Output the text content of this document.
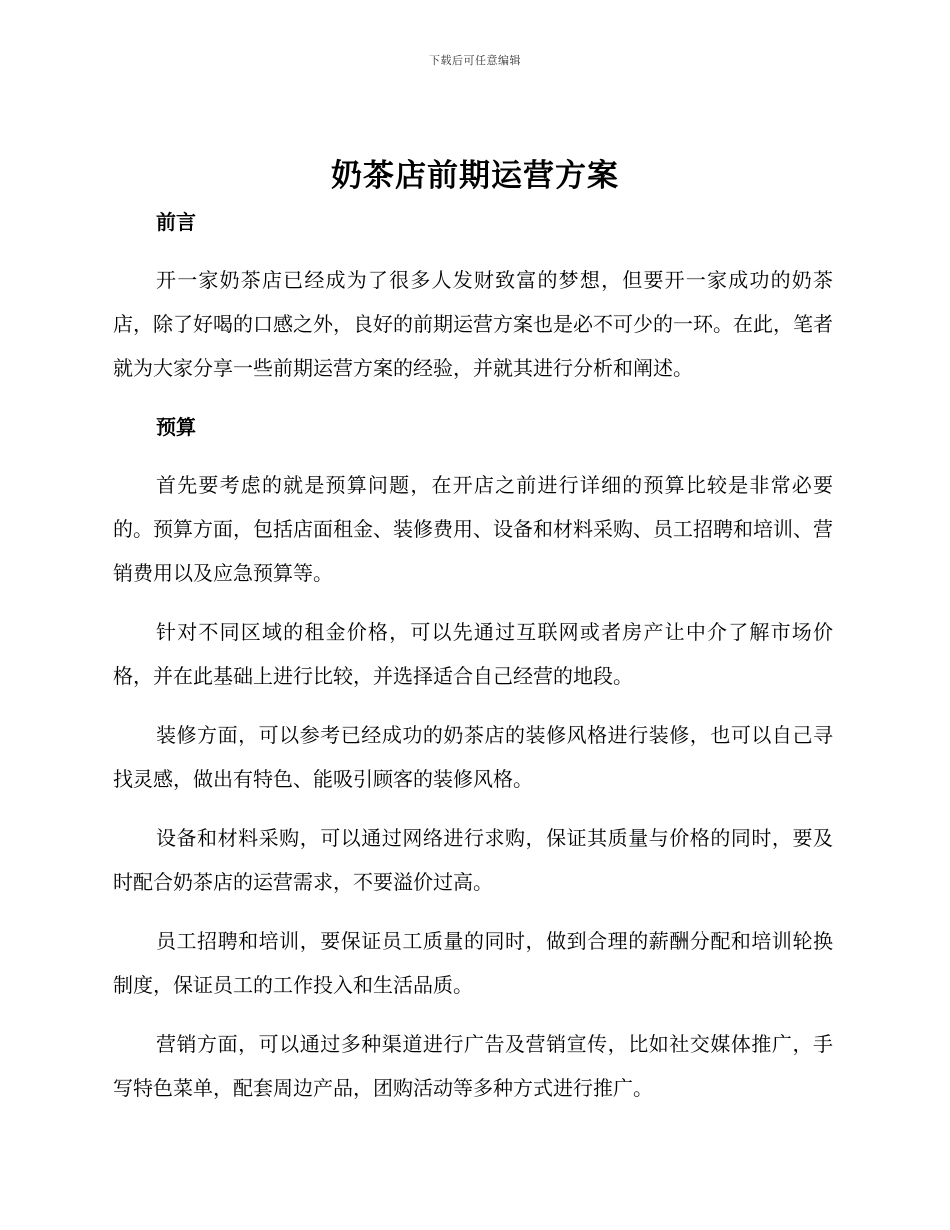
下载后可任意编辑
奶茶店前期运营方案
前言

开一家奶茶店已经成为了很多人发财致富的梦想，但要开一家成功的奶茶店，除了好喝的口感之外，良好的前期运营方案也是必不可少的一环。在此，笔者就为大家分享一些前期运营方案的经验，并就其进行分析和阐述。

预算

首先要考虑的就是预算问题，在开店之前进行详细的预算比较是非常必要的。预算方面，包括店面租金、装修费用、设备和材料采购、员工招聘和培训、营销费用以及应急预算等。

针对不同区域的租金价格，可以先通过互联网或者房产让中介了解市场价格，并在此基础上进行比较，并选择适合自己经营的地段。

装修方面，可以参考已经成功的奶茶店的装修风格进行装修，也可以自己寻找灵感，做出有特色、能吸引顾客的装修风格。

设备和材料采购，可以通过网络进行求购，保证其质量与价格的同时，要及时配合奶茶店的运营需求，不要溢价过高。

员工招聘和培训，要保证员工质量的同时，做到合理的薪酬分配和培训轮换制度，保证员工的工作投入和生活品质。

营销方面，可以通过多种渠道进行广告及营销宣传，比如社交媒体推广，手写特色菜单，配套周边产品，团购活动等多种方式进行推广。
